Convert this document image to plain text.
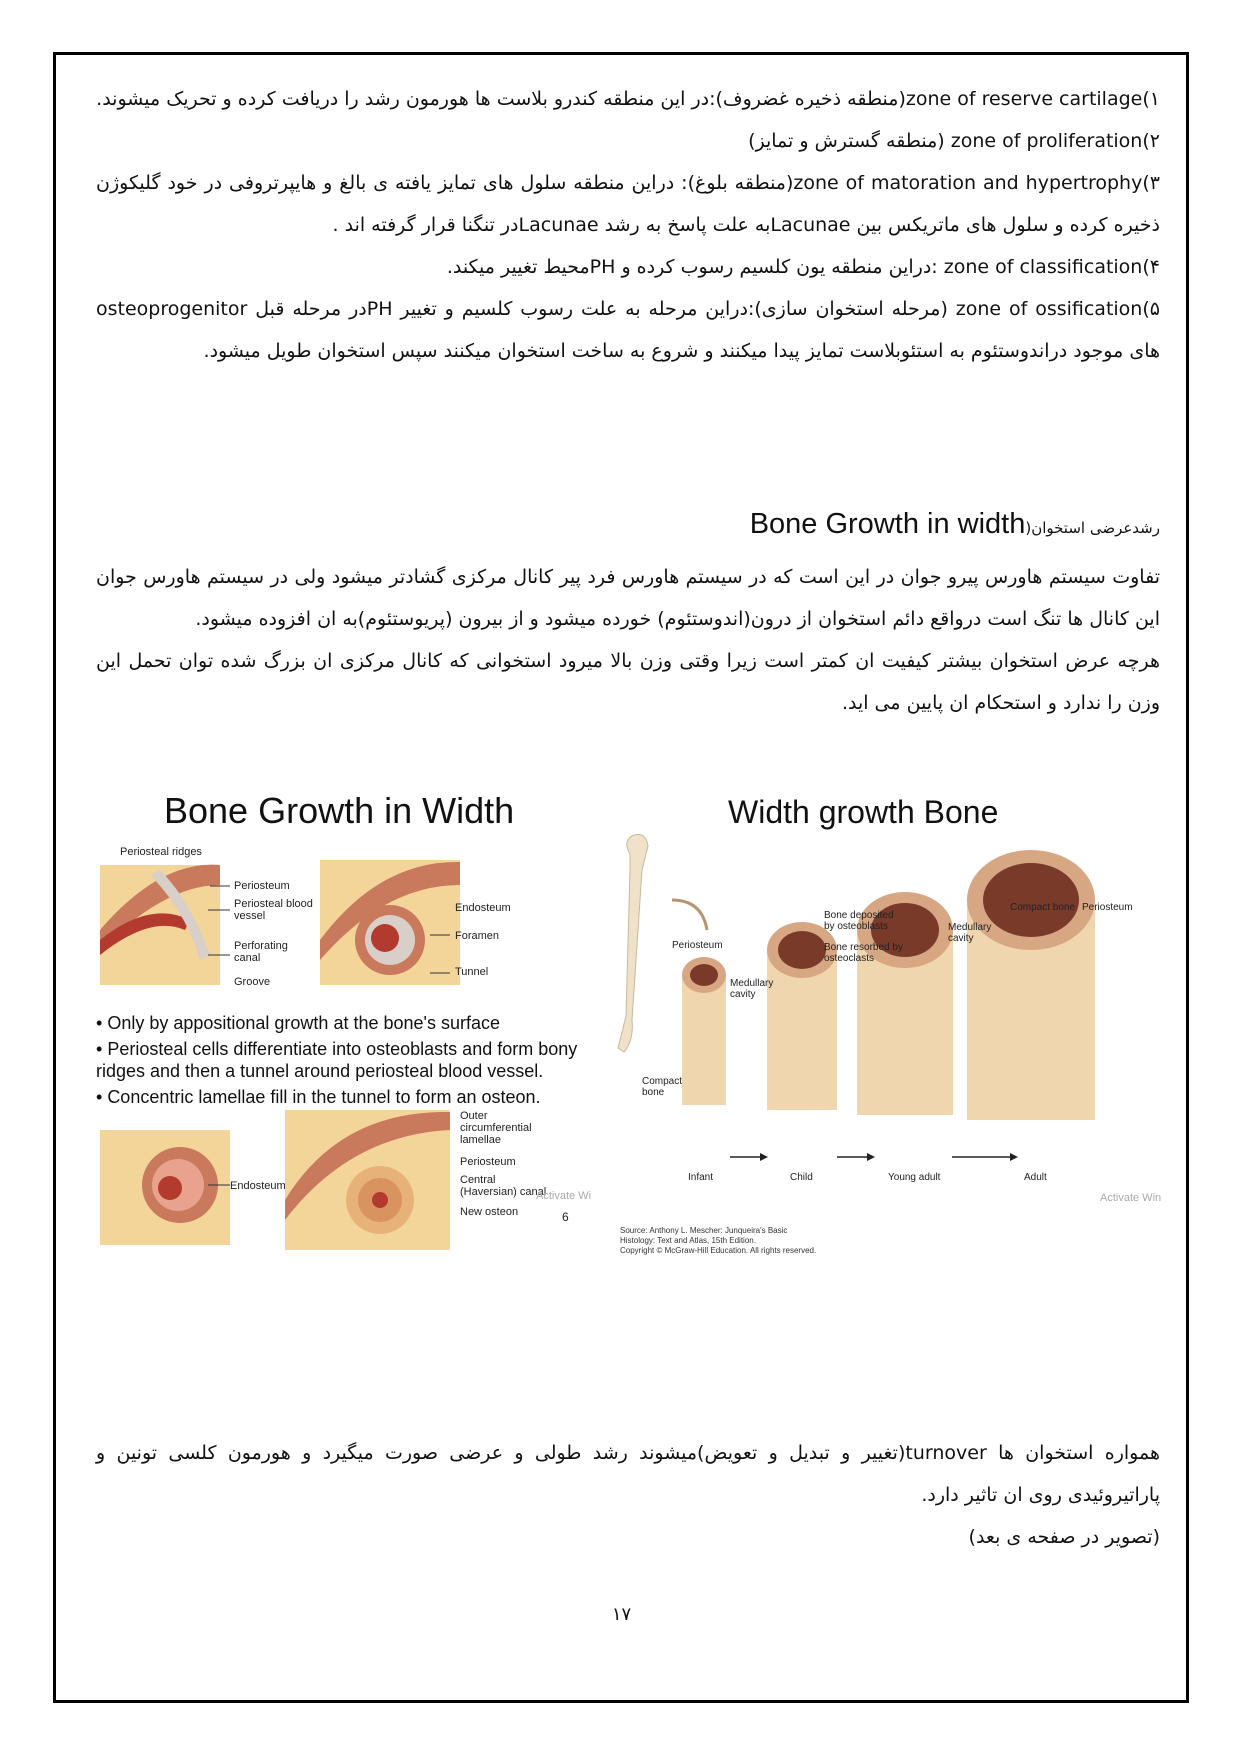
۱)zone of reserve cartilage(منطقه ذخیره غضروف):در این منطقه کندرو بلاست ها هورمون رشد را دریافت کرده و تحریک میشوند.

۲)zone of proliferation (منطقه گسترش و تمایز)

۳)zone of matoration and hypertrophy(منطقه بلوغ): دراین منطقه سلول های تمایز یافته ی بالغ و هایپرتروفی در خود گلیکوژن ذخیره کرده و سلول های ماتریکس بین Lacunaeبه علت پاسخ به رشد Lacunaeدر تنگنا قرار گرفته اند .

۴)zone of classification :دراین منطقه یون کلسیم رسوب کرده و PHمحیط تغییر میکند.

۵)zone of ossification (مرحله استخوان سازی):دراین مرحله به علت رسوب کلسیم و تغییر PHدر مرحله قبل osteoprogenitor های موجود دراندوستئوم به استئوبلاست تمایز پیدا میکنند و شروع به ساخت استخوان میکنند سپس استخوان طویل میشود.

رشدعرضی استخوان(Bone Growth in width

تفاوت سیستم هاورس پیرو جوان در این است که در سیستم هاورس فرد پیر کانال مرکزی گشادتر میشود ولی در سیستم هاورس جوان این کانال ها تنگ است درواقع دائم استخوان از درون(اندوستئوم) خورده میشود و از بیرون (پریوستئوم)به ان افزوده میشود.

هرچه عرض استخوان بیشتر کیفیت ان کمتر است زیرا وقتی وزن بالا میرود استخوانی که کانال مرکزی ان بزرگ شده توان تحمل این وزن را ندارد و استحکام ان پایین می اید.

Bone Growth in Width
Periosteal ridges
Periosteum
Periosteal blood vessel
Perforating canal
Groove
Endosteum
Foramen
Tunnel
• Only by appositional growth at the bone's surface
• Periosteal cells differentiate into osteoblasts and form bony ridges and then a tunnel around periosteal blood vessel.
• Concentric lamellae fill in the tunnel to form an osteon.
Endosteum
Outer circumferential lamellae
Periosteum
Central (Haversian) canal
New osteon	6
Activate Wi
Width growth Bone
Periosteum
Medullary cavity
Compact bone
Bone deposited by osteoblasts
Bone resorbed by osteoclasts
Compact bone Periosteum
Medullary cavity
Infant	Child	Young adult	Adult
Source: Anthony L. Mescher: Junqueira's Basic
Histology: Text and Atlas, 15th Edition.
Copyright © McGraw-Hill Education. All rights reserved.
Activate Win

همواره استخوان ها turnover(تغییر و تبدیل و تعویض)میشوند رشد طولی و عرضی صورت میگیرد و هورمون کلسی تونین و پاراتیروئیدی روی ان تاثیر دارد.

(تصویر در صفحه ی بعد)

۱۷
